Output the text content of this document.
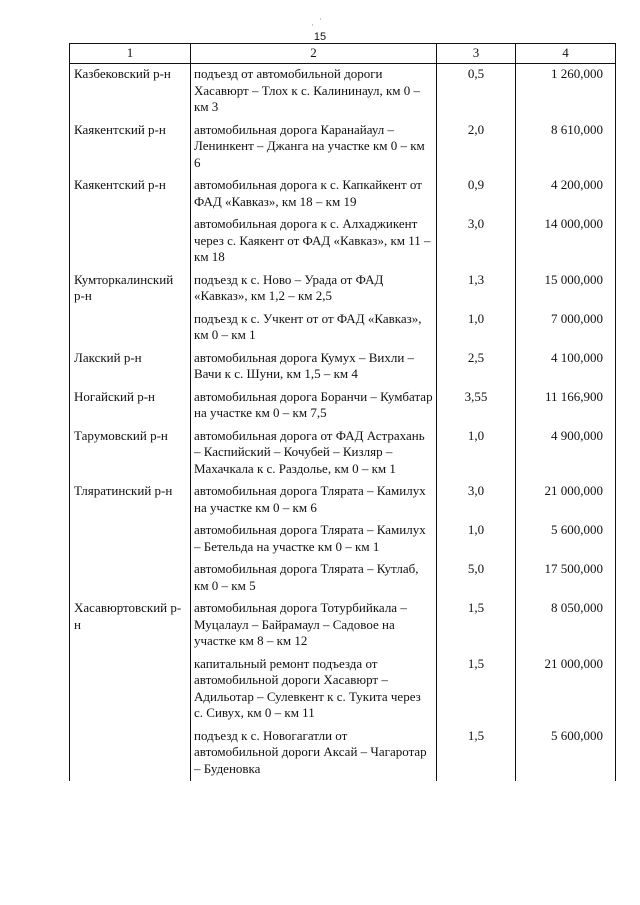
·
·
15
1	2	3	4
Казбековский р-н	подъезд от автомобильной дороги Хасавюрт – Тлох к с. Калининаул, км 0 – км 3	0,5	1 260,000
Каякентский р-н	автомобильная дорога Каранайаул – Ленинкент – Джанга на участке км 0 – км 6	2,0	8 610,000
Каякентский р-н	автомобильная дорога к с. Капкайкент от ФАД «Кавказ», км 18 – км 19	0,9	4 200,000
	автомобильная дорога к с. Алхаджикент через с. Каякент от ФАД «Кавказ», км 11 – км 18	3,0	14 000,000
Кумторкалинский р-н	подъезд к с. Ново – Урада от ФАД «Кавказ», км 1,2 – км 2,5	1,3	15 000,000
	подъезд к с. Учкент от от ФАД «Кавказ», км 0 – км 1	1,0	7 000,000
Лакский р-н	автомобильная дорога Кумух – Вихли – Вачи к с. Шуни, км 1,5 – км 4	2,5	4 100,000
Ногайский р-н	автомобильная дорога Боранчи – Кумбатар на участке км 0 – км 7,5	3,55	11 166,900
Тарумовский р-н	автомобильная дорога от ФАД Астрахань – Каспийский – Кочубей – Кизляр – Махачкала к с. Раздолье, км 0 – км 1	1,0	4 900,000
Тляратинский р-н	автомобильная дорога Тлярата – Камилух на участке км 0 – км 6	3,0	21 000,000
	автомобильная дорога Тлярата – Камилух – Бетельда на участке км 0 – км 1	1,0	5 600,000
	автомобильная дорога Тлярата – Кутлаб, км 0 – км 5	5,0	17 500,000
Хасавюртовский р-н	автомобильная дорога Тотурбийкала – Муцалаул – Байрамаул – Садовое на участке км 8 – км 12	1,5	8 050,000
	капитальный ремонт подъезда от автомобильной дороги Хасавюрт – Адильотар – Сулевкент к с. Тукита через с. Сивух, км 0 – км 11	1,5	21 000,000
	подъезд к с. Новогагатли от автомобильной дороги Аксай – Чагаротар – Буденовка	1,5	5 600,000
